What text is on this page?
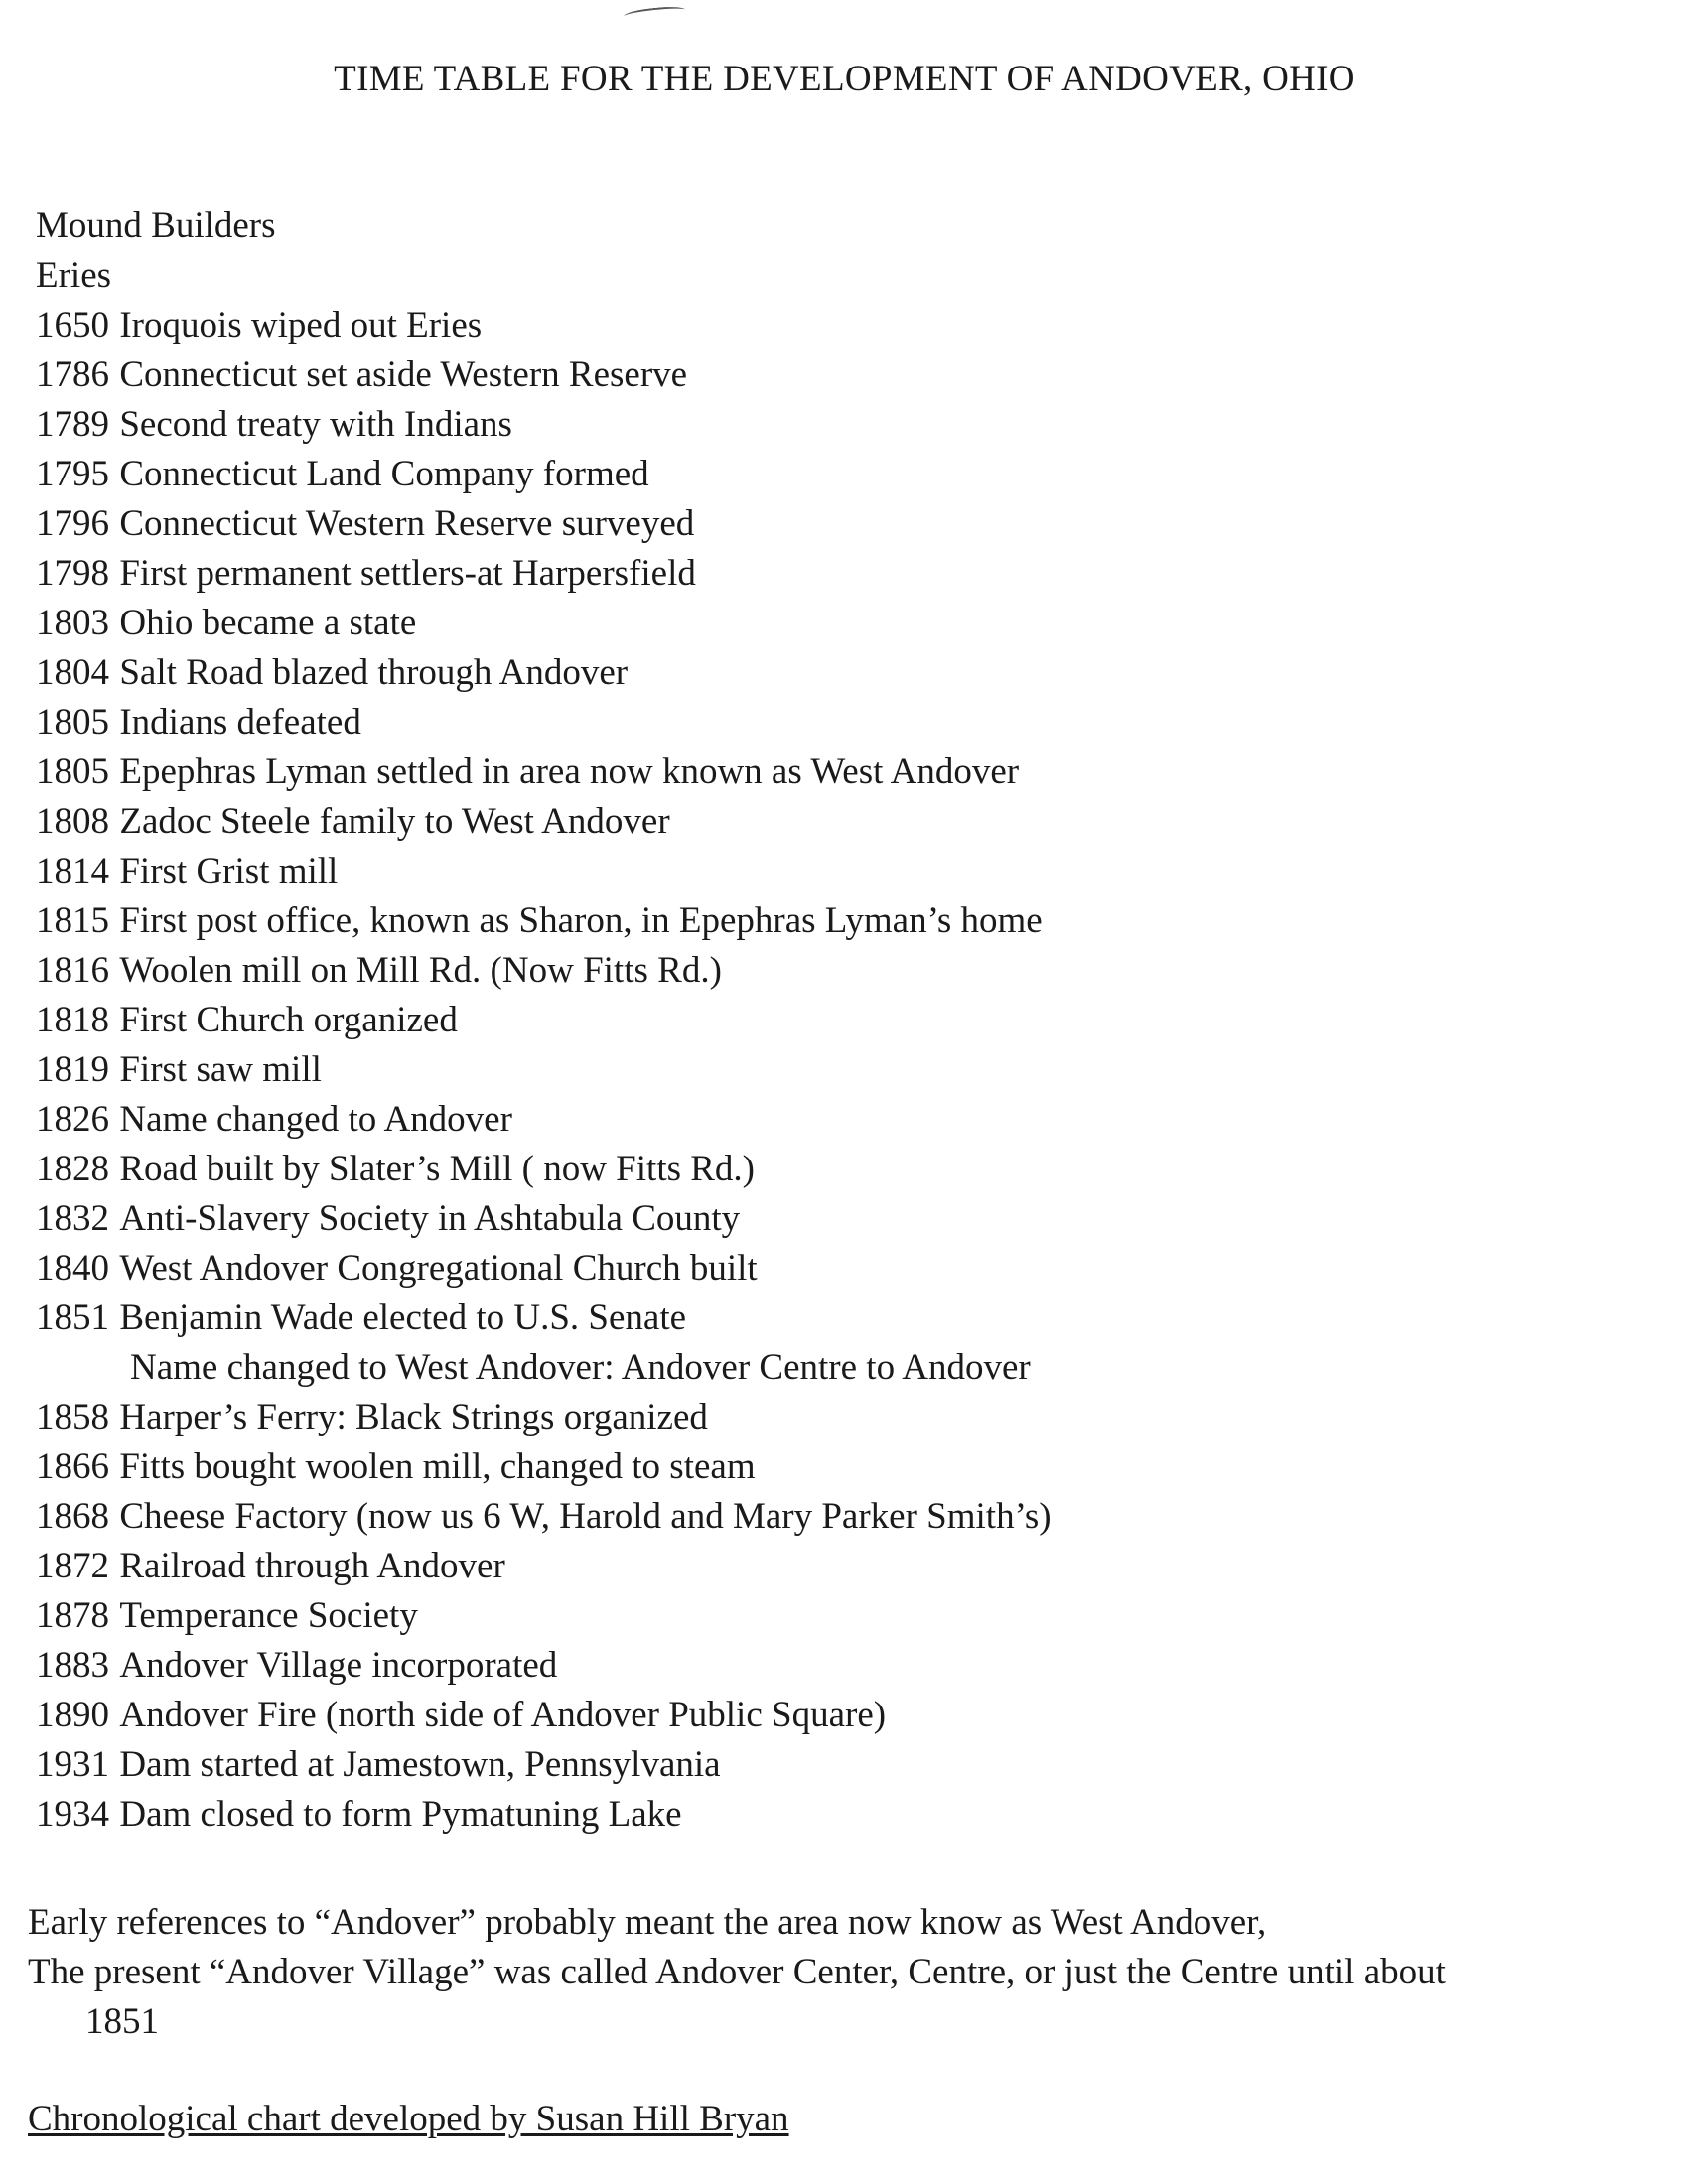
TIME TABLE FOR THE DEVELOPMENT OF ANDOVER, OHIO
Mound Builders
Eries
1650 Iroquois wiped out Eries
1786 Connecticut set aside Western Reserve
1789 Second treaty with Indians
1795 Connecticut Land Company formed
1796 Connecticut Western Reserve surveyed
1798 First permanent settlers-at Harpersfield
1803 Ohio became a state
1804 Salt Road blazed through Andover
1805 Indians defeated
1805 Epephras Lyman settled in area now known as West Andover
1808 Zadoc Steele family to West Andover
1814 First Grist mill
1815 First post office, known as Sharon, in Epephras Lyman’s home
1816 Woolen mill on Mill Rd. (Now Fitts Rd.)
1818 First Church organized
1819 First saw mill
1826 Name changed to Andover
1828 Road built by Slater’s Mill ( now Fitts Rd.)
1832 Anti-Slavery Society in Ashtabula County
1840 West Andover Congregational Church built
1851 Benjamin Wade elected to U.S. Senate
Name changed to West Andover: Andover Centre to Andover
1858 Harper’s Ferry: Black Strings organized
1866 Fitts bought woolen mill, changed to steam
1868 Cheese Factory (now us 6 W, Harold and Mary Parker Smith’s)
1872 Railroad through Andover
1878 Temperance Society
1883 Andover Village incorporated
1890 Andover Fire (north side of Andover Public Square)
1931 Dam started at Jamestown, Pennsylvania
1934 Dam closed to form Pymatuning Lake
Early references to “Andover” probably meant the area now know as West Andover,
The present “Andover Village” was called Andover Center, Centre, or just the Centre until about
1851
Chronological chart developed by Susan Hill Bryan
